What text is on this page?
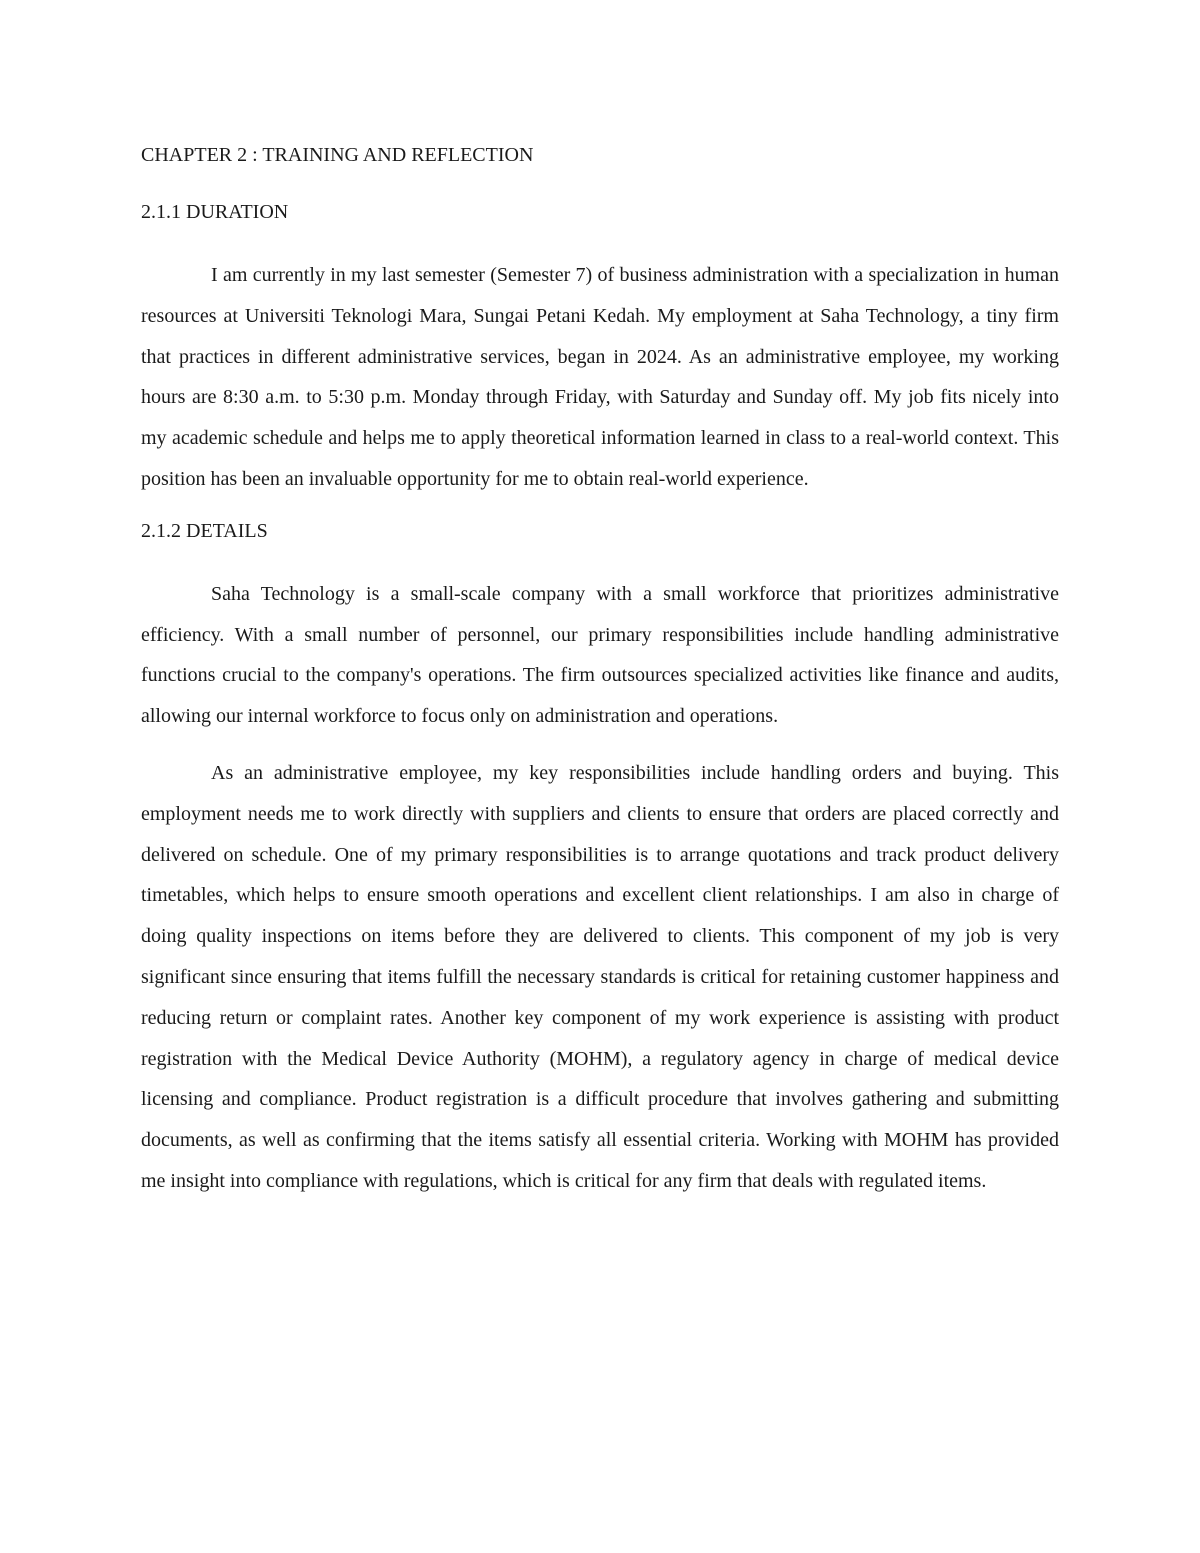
CHAPTER 2 : TRAINING AND REFLECTION

2.1.1 DURATION

I am currently in my last semester (Semester 7) of business administration with a specialization in human resources at Universiti Teknologi Mara, Sungai Petani Kedah. My employment at Saha Technology, a tiny firm that practices in different administrative services, began in 2024. As an administrative employee, my working hours are 8:30 a.m. to 5:30 p.m. Monday through Friday, with Saturday and Sunday off. My job fits nicely into my academic schedule and helps me to apply theoretical information learned in class to a real-world context. This position has been an invaluable opportunity for me to obtain real-world experience.

2.1.2 DETAILS

Saha Technology is a small-scale company with a small workforce that prioritizes administrative efficiency. With a small number of personnel, our primary responsibilities include handling administrative functions crucial to the company's operations. The firm outsources specialized activities like finance and audits, allowing our internal workforce to focus only on administration and operations.

As an administrative employee, my key responsibilities include handling orders and buying. This employment needs me to work directly with suppliers and clients to ensure that orders are placed correctly and delivered on schedule. One of my primary responsibilities is to arrange quotations and track product delivery timetables, which helps to ensure smooth operations and excellent client relationships. I am also in charge of doing quality inspections on items before they are delivered to clients. This component of my job is very significant since ensuring that items fulfill the necessary standards is critical for retaining customer happiness and reducing return or complaint rates. Another key component of my work experience is assisting with product registration with the Medical Device Authority (MOHM), a regulatory agency in charge of medical device licensing and compliance. Product registration is a difficult procedure that involves gathering and submitting documents, as well as confirming that the items satisfy all essential criteria. Working with MOHM has provided me insight into compliance with regulations, which is critical for any firm that deals with regulated items.
